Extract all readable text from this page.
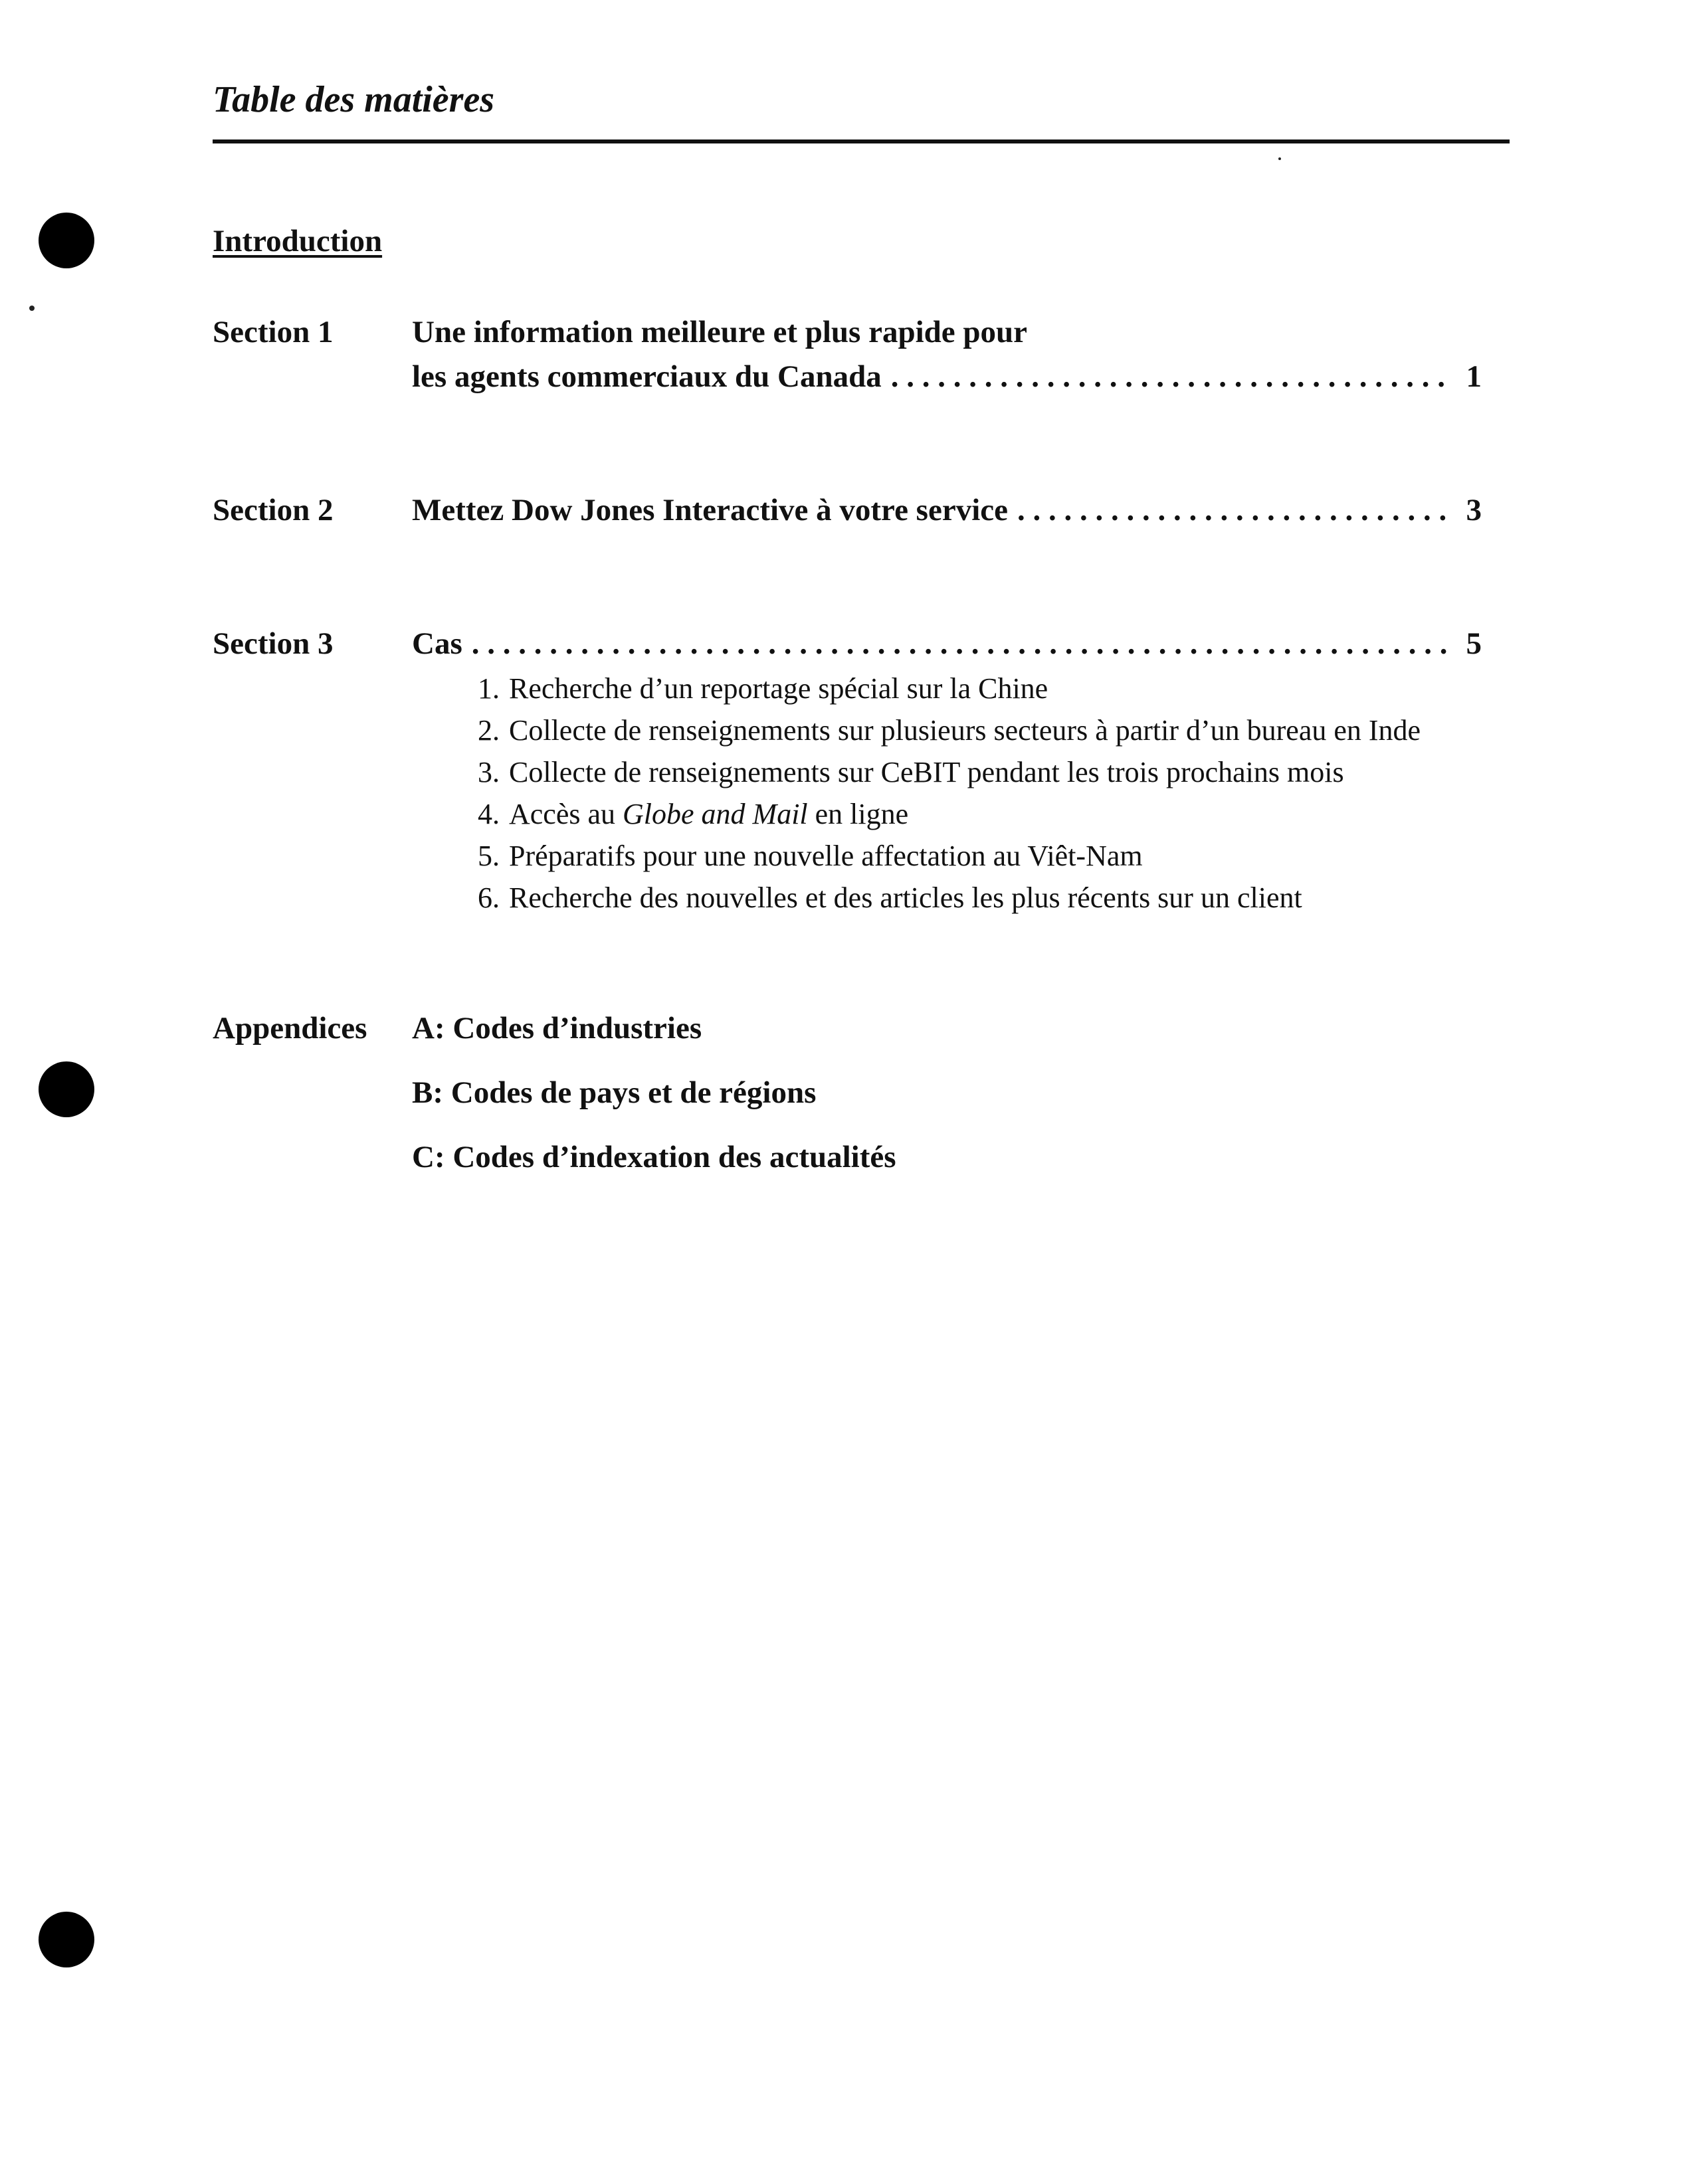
Table des matières
Introduction
Section 1	Une information meilleure et plus rapide pour
les agents commerciaux du Canada . . .	1
Section 2	Mettez Dow Jones Interactive à votre service . . .	3
Section 3	Cas . . .	5
1. Recherche d’un reportage spécial sur la Chine
2. Collecte de renseignements sur plusieurs secteurs à partir d’un bureau en Inde
3. Collecte de renseignements sur CeBIT pendant les trois prochains mois
4. Accès au Globe and Mail en ligne
5. Préparatifs pour une nouvelle affectation au Viêt-Nam
6. Recherche des nouvelles et des articles les plus récents sur un client
Appendices A: Codes d’industries
B: Codes de pays et de régions
C: Codes d’indexation des actualités
